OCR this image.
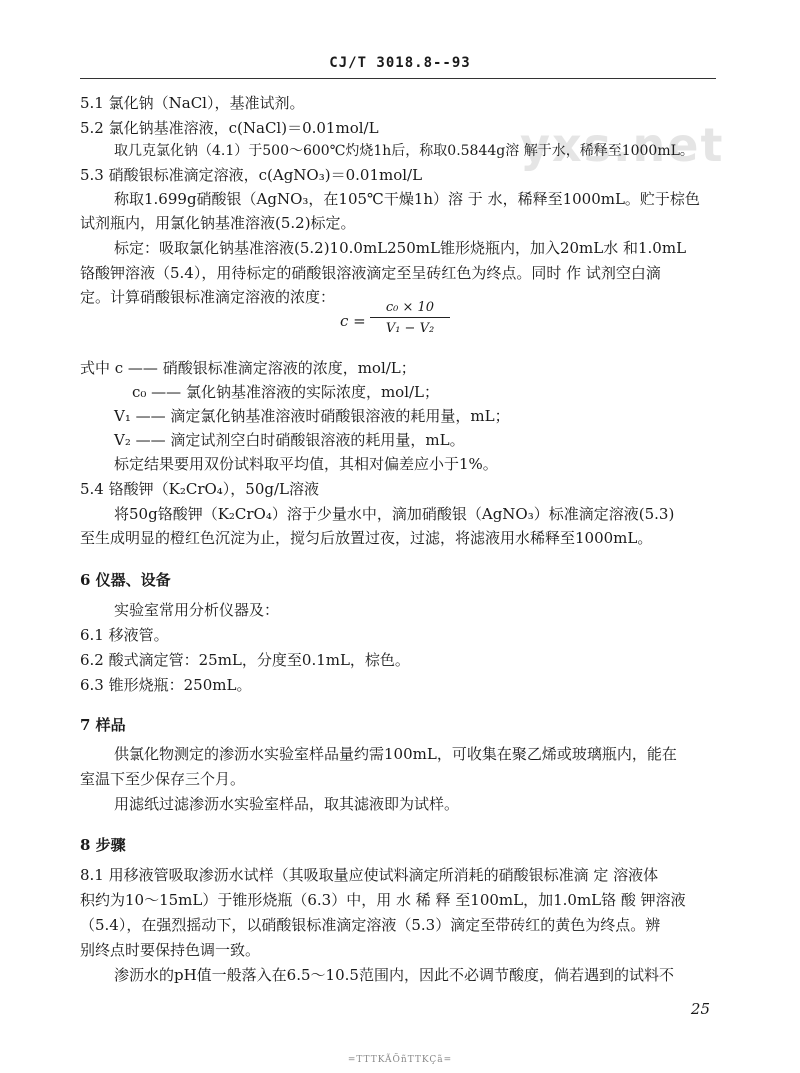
yxs.net
CJ/T 3018.8--93
5.1 氯化钠（NaCl），基准试剂。
5.2 氯化钠基准溶液，c(NaCl)＝0.01mol/L
取几克氯化钠（4.1）于500～600℃灼烧1h后，称取0.5844g溶 解于水，稀释至1000mL。
5.3 硝酸银标准滴定溶液，c(AgNO₃)＝0.01mol/L
称取1.699g硝酸银（AgNO₃，在105℃干燥1h）溶 于 水，稀释至1000mL。贮于棕色
试剂瓶内，用氯化钠基准溶液(5.2)标定。
标定：吸取氯化钠基准溶液(5.2)10.0mL250mL锥形烧瓶内，加入20mL水 和1.0mL
铬酸钾溶液（5.4），用待标定的硝酸银溶液滴定至呈砖红色为终点。同时 作 试剂空白滴
定。计算硝酸银标准滴定溶液的浓度：
c =
c₀ × 10
V₁ − V₂
式中 c —— 硝酸银标准滴定溶液的浓度，mol/L；
c₀ —— 氯化钠基准溶液的实际浓度，mol/L；
V₁ —— 滴定氯化钠基准溶液时硝酸银溶液的耗用量，mL；
V₂ —— 滴定试剂空白时硝酸银溶液的耗用量，mL。
标定结果要用双份试料取平均值，其相对偏差应小于1%。
5.4 铬酸钾（K₂CrO₄），50g/L溶液
将50g铬酸钾（K₂CrO₄）溶于少量水中，滴加硝酸银（AgNO₃）标准滴定溶液(5.3)
至生成明显的橙红色沉淀为止，搅匀后放置过夜，过滤，将滤液用水稀释至1000mL。
6 仪器、设备
实验室常用分析仪器及：
6.1 移液管。
6.2 酸式滴定管：25mL，分度至0.1mL，棕色。
6.3 锥形烧瓶：250mL。
7 样品
供氯化物测定的渗沥水实验室样品量约需100mL，可收集在聚乙烯或玻璃瓶内，能在
室温下至少保存三个月。
用滤纸过滤渗沥水实验室样品，取其滤液即为试样。
8 步骤
8.1 用移液管吸取渗沥水试样（其吸取量应使试料滴定所消耗的硝酸银标准滴 定 溶液体
积约为10～15mL）于锥形烧瓶（6.3）中，用 水 稀 释 至100mL，加1.0mL铬 酸 钾溶液
（5.4），在强烈摇动下，以硝酸银标准滴定溶液（5.3）滴定至带砖红的黄色为终点。辨
别终点时要保持色调一致。
渗沥水的pH值一般落入在6.5～10.5范围内，因此不必调节酸度，倘若遇到的试料不
25
=TTTKÃÕñTTKÇã=
